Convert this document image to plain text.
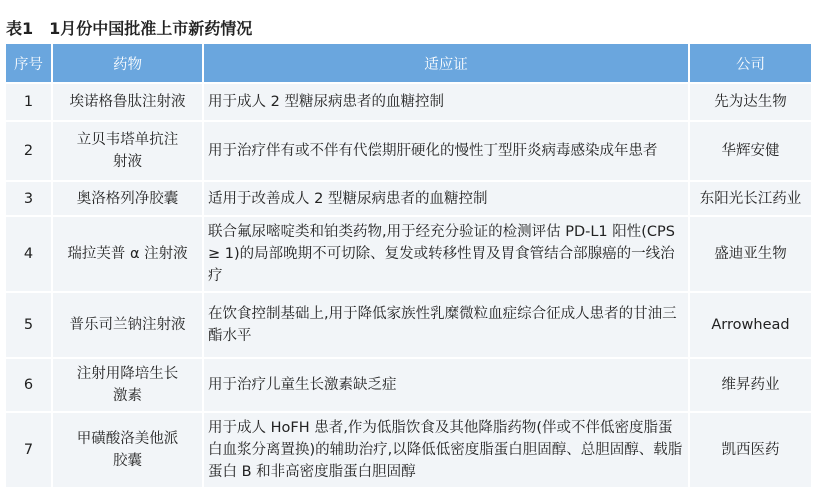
表1　1月份中国批准上市新药情况
序号	药物	适应证	公司
1	埃诺格鲁肽注射液	用于成人 2 型糖尿病患者的血糖控制	先为达生物
2	立贝韦塔单抗注射液	用于治疗伴有或不伴有代偿期肝硬化的慢性丁型肝炎病毒感染成年患者	华辉安健
3	奥洛格列净胶囊	适用于改善成人 2 型糖尿病患者的血糖控制	东阳光长江药业
4	瑞拉芙普 α 注射液	联合氟尿嘧啶类和铂类药物,用于经充分验证的检测评估 PD-L1 阳性(CPS ≥ 1)的局部晚期不可切除、复发或转移性胃及胃食管结合部腺癌的一线治疗	盛迪亚生物
5	普乐司兰钠注射液	在饮食控制基础上,用于降低家族性乳糜微粒血症综合征成人患者的甘油三酯水平	Arrowhead
6	注射用降培生长激素	用于治疗儿童生长激素缺乏症	维昇药业
7	甲磺酸洛美他派胶囊	用于成人 HoFH 患者,作为低脂饮食及其他降脂药物(伴或不伴低密度脂蛋白血浆分离置换)的辅助治疗,以降低低密度脂蛋白胆固醇、总胆固醇、载脂蛋白 B 和非高密度脂蛋白胆固醇	凯西医药
